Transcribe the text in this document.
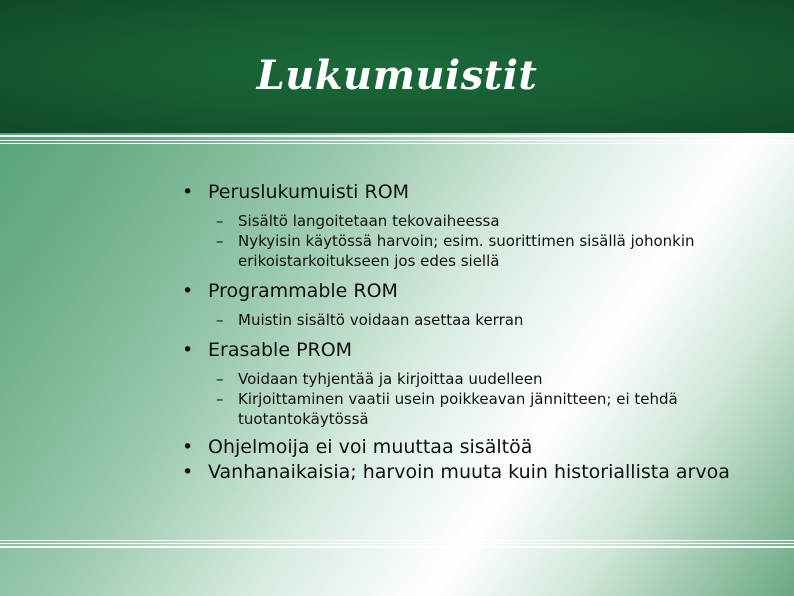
Lukumuistit
• Peruslukumuisti ROM
– Sisältö langoitetaan tekovaiheessa
– Nykyisin käytössä harvoin; esim. suorittimen sisällä johonkin erikoistarkoitukseen jos edes siellä
• Programmable ROM
– Muistin sisältö voidaan asettaa kerran
• Erasable PROM
– Voidaan tyhjentää ja kirjoittaa uudelleen
– Kirjoittaminen vaatii usein poikkeavan jännitteen; ei tehdä tuotantokäytössä
• Ohjelmoija ei voi muuttaa sisältöä
• Vanhanaikaisia; harvoin muuta kuin historiallista arvoa
